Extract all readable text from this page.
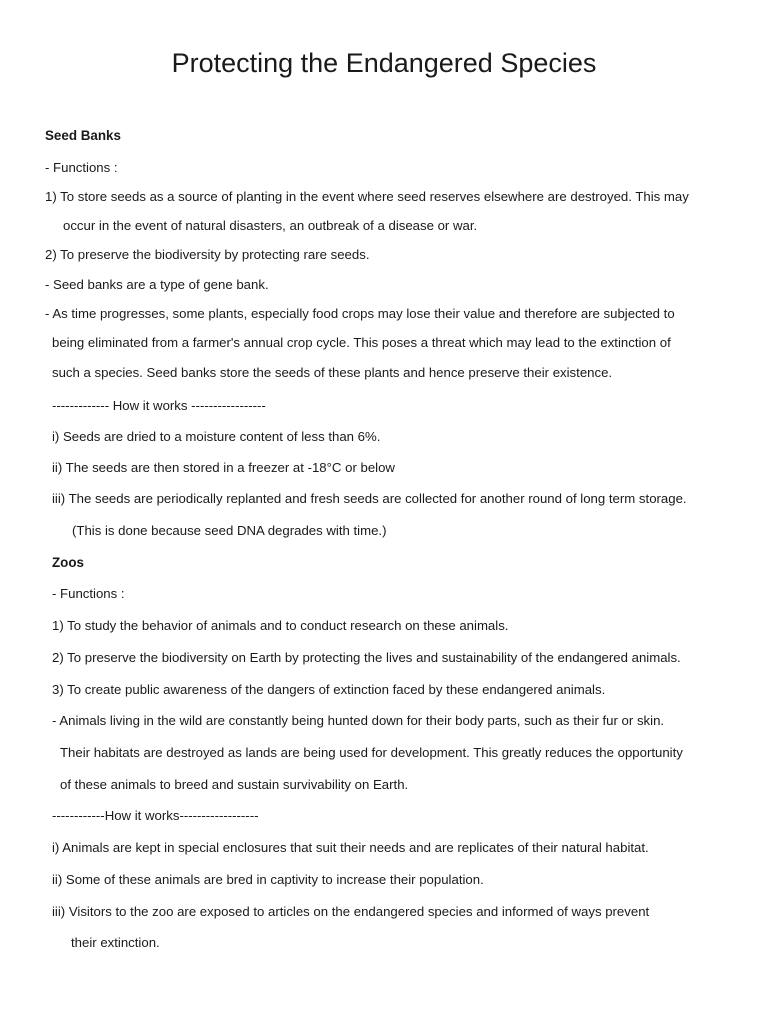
Protecting the Endangered Species

Seed Banks

- Functions :

1) To store seeds as a source of planting in the event where seed reserves elsewhere are destroyed. This may

occur in the event of natural disasters, an outbreak of a disease or war.

2) To preserve the biodiversity by protecting rare seeds.

- Seed banks are a type of gene bank.

- As time progresses, some plants, especially food crops may lose their value and therefore are subjected to

being eliminated from a farmer's annual crop cycle. This poses a threat which may lead to the extinction of

such a species. Seed banks store the seeds of these plants and hence preserve their existence.

------------- How it works -----------------

i) Seeds are dried to a moisture content of less than 6%.

ii) The seeds are then stored in a freezer at -18°C or below

iii) The seeds are periodically replanted and fresh seeds are collected for another round of long term storage.

(This is done because seed DNA degrades with time.)

Zoos

- Functions :

1) To study the behavior of animals and to conduct research on these animals.

2) To preserve the biodiversity on Earth by protecting the lives and sustainability of the endangered animals.

3) To create public awareness of the dangers of extinction faced by these endangered animals.

- Animals living in the wild are constantly being hunted down for their body parts, such as their fur or skin.

Their habitats are destroyed as lands are being used for development. This greatly reduces the opportunity

of these animals to breed and sustain survivability on Earth.

------------How it works------------------

i) Animals are kept in special enclosures that suit their needs and are replicates of their natural habitat.

ii) Some of these animals are bred in captivity to increase their population.

iii) Visitors to the zoo are exposed to articles on the endangered species and informed of ways prevent

their extinction.
